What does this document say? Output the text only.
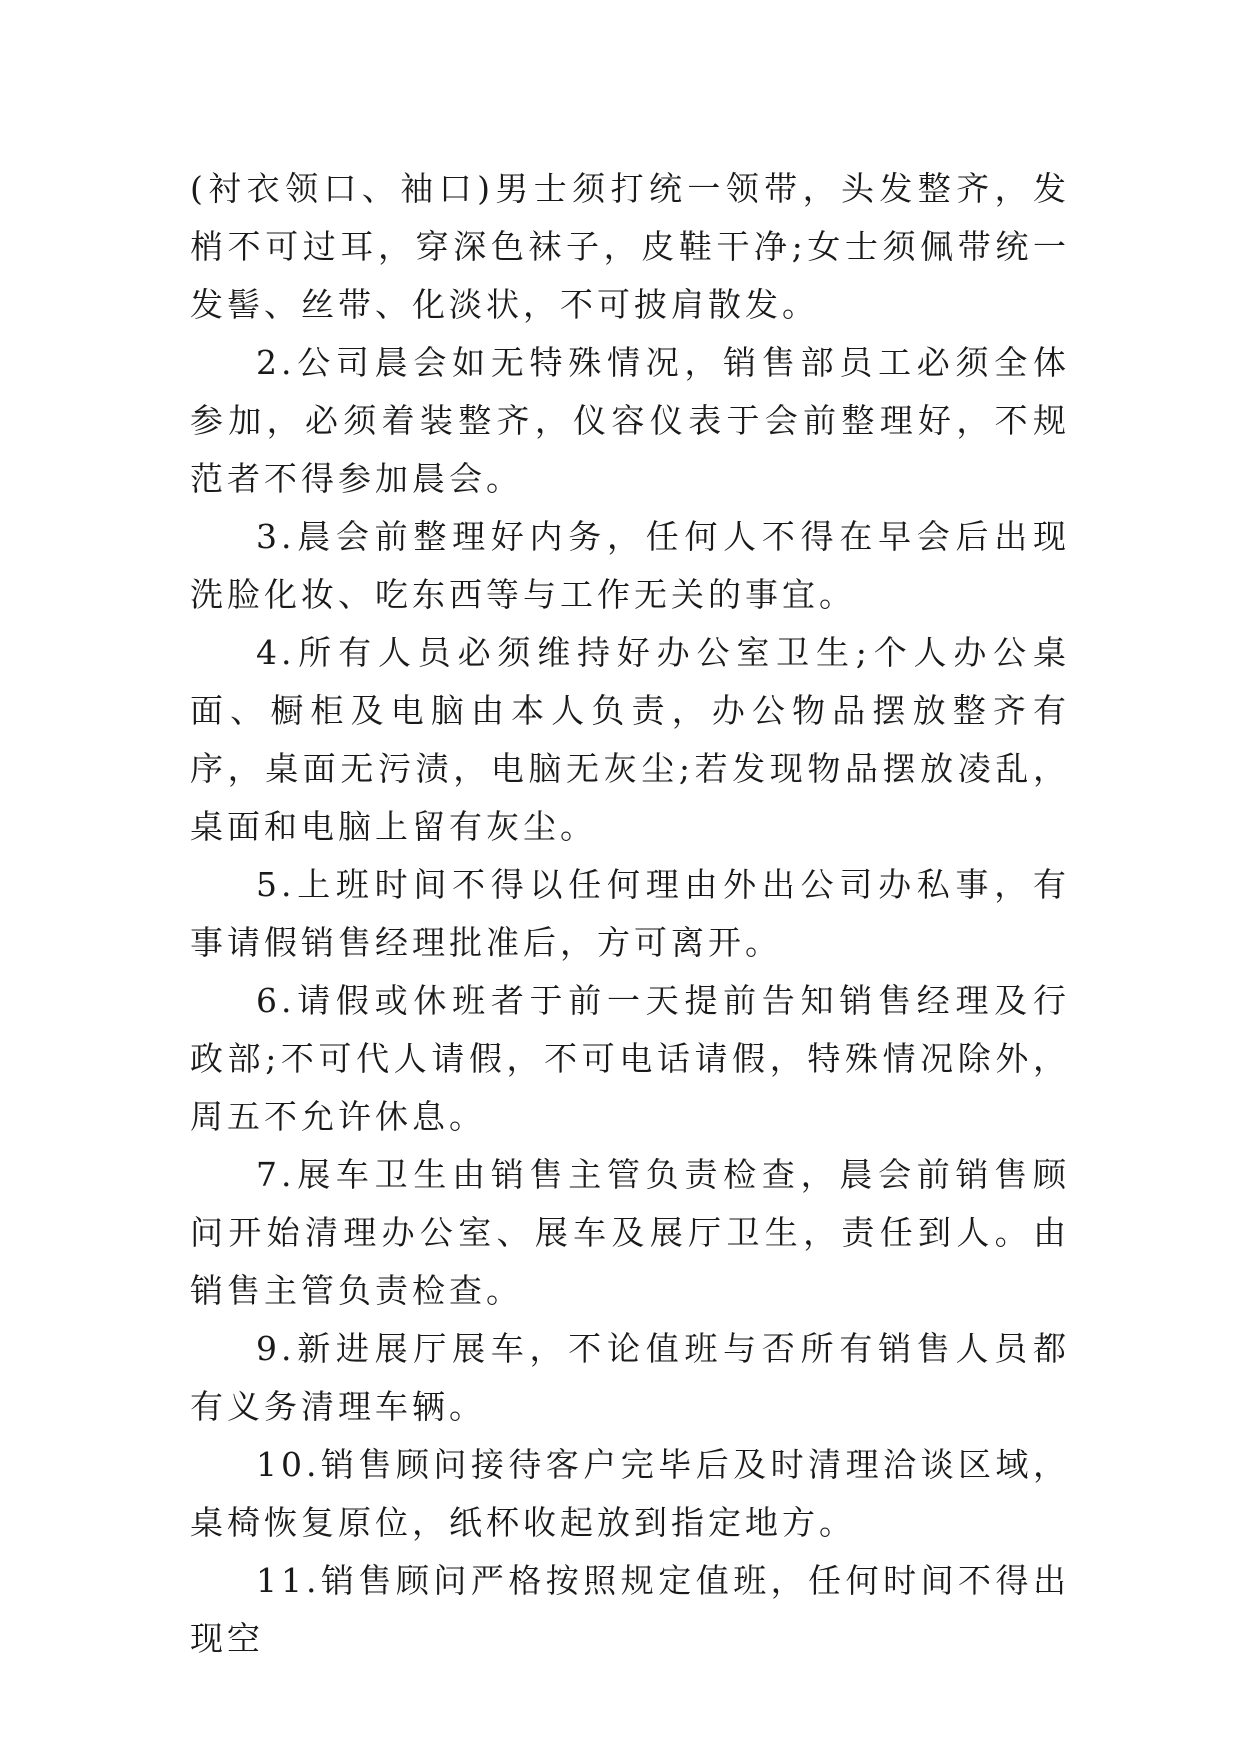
(衬衣领口、袖口)男士须打统一领带，头发整齐，发梢不可过耳，穿深色袜子，皮鞋干净;女士须佩带统一发髻、丝带、化淡状，不可披肩散发。

2.公司晨会如无特殊情况，销售部员工必须全体参加，必须着装整齐，仪容仪表于会前整理好，不规范者不得参加晨会。

3.晨会前整理好内务，任何人不得在早会后出现洗脸化妆、吃东西等与工作无关的事宜。

4.所有人员必须维持好办公室卫生;个人办公桌面、橱柜及电脑由本人负责，办公物品摆放整齐有序，桌面无污渍，电脑无灰尘;若发现物品摆放凌乱，桌面和电脑上留有灰尘。

5.上班时间不得以任何理由外出公司办私事，有事请假销售经理批准后，方可离开。

6.请假或休班者于前一天提前告知销售经理及行政部;不可代人请假，不可电话请假，特殊情况除外，周五不允许休息。

7.展车卫生由销售主管负责检查，晨会前销售顾问开始清理办公室、展车及展厅卫生，责任到人。由销售主管负责检查。

9.新进展厅展车，不论值班与否所有销售人员都有义务清理车辆。

10.销售顾问接待客户完毕后及时清理洽谈区域，桌椅恢复原位，纸杯收起放到指定地方。

11.销售顾问严格按照规定值班，任何时间不得出现空
